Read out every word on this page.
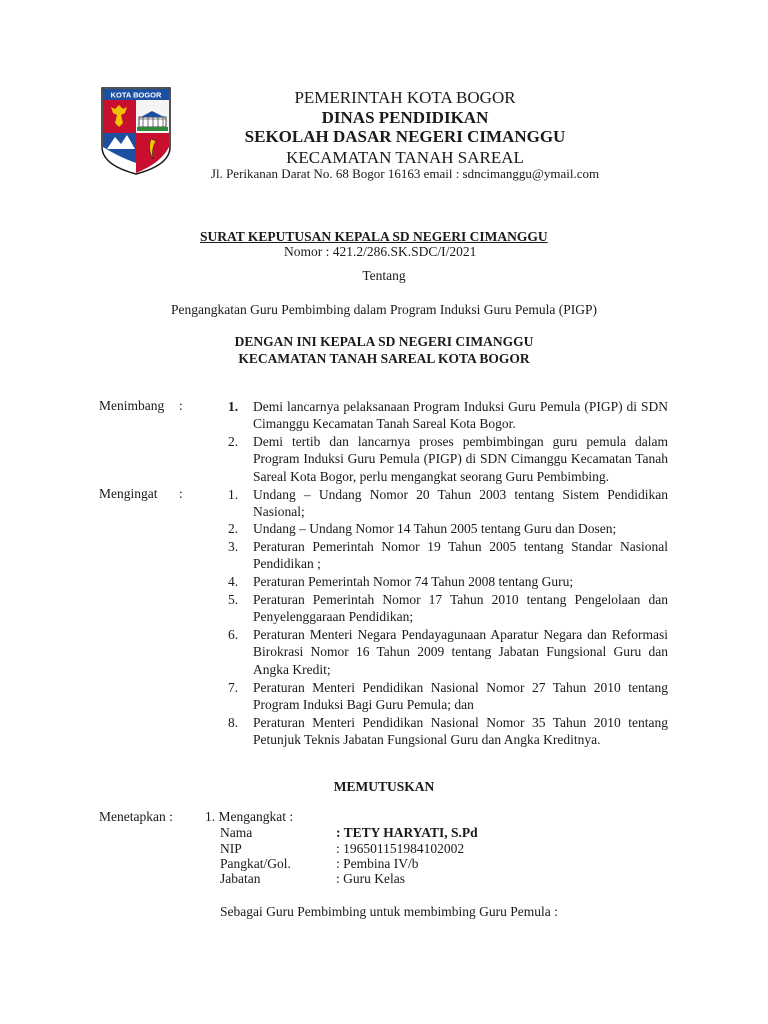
KOTA BOGOR	PEMERINTAH KOTA BOGOR
DINAS PENDIDIKAN
SEKOLAH DASAR NEGERI CIMANGGU
KECAMATAN TANAH SAREAL
Jl. Perikanan Darat No. 68 Bogor 16163 email : sdncimanggu@ymail.com
SURAT KEPUTUSAN KEPALA SD NEGERI CIMANGGU
Nomor : 421.2/286.SK.SDC/I/2021
Tentang
Pengangkatan Guru Pembimbing dalam Program Induksi Guru Pemula (PIGP)
DENGAN INI KEPALA SD NEGERI CIMANGGU
KECAMATAN TANAH SAREAL KOTA BOGOR
Menimbang :	1.	Demi lancarnya pelaksanaan Program Induksi Guru Pemula (PIGP) di SDN Cimanggu Kecamatan Tanah Sareal Kota Bogor.
2.	Demi tertib dan lancarnya proses pembimbingan guru pemula dalam Program Induksi Guru Pemula (PIGP) di SDN Cimanggu Kecamatan Tanah Sareal Kota Bogor, perlu mengangkat seorang Guru Pembimbing.
Mengingat :	1.	Undang – Undang Nomor 20 Tahun 2003 tentang Sistem Pendidikan Nasional;
2.	Undang – Undang Nomor 14 Tahun 2005 tentang Guru dan Dosen;
3.	Peraturan Pemerintah Nomor 19 Tahun 2005 tentang Standar Nasional Pendidikan ;
4.	Peraturan Pemerintah Nomor 74 Tahun 2008 tentang Guru;
5.	Peraturan Pemerintah Nomor 17 Tahun 2010 tentang Pengelolaan dan Penyelenggaraan Pendidikan;
6.	Peraturan Menteri Negara Pendayagunaan Aparatur Negara dan Reformasi Birokrasi Nomor 16 Tahun 2009 tentang Jabatan Fungsional Guru dan Angka Kredit;
7.	Peraturan Menteri Pendidikan Nasional Nomor 27 Tahun 2010 tentang Program Induksi Bagi Guru Pemula; dan
8.	Peraturan Menteri Pendidikan Nasional Nomor 35 Tahun 2010 tentang Petunjuk Teknis Jabatan Fungsional Guru dan Angka Kreditnya.
MEMUTUSKAN
Menetapkan : 1. Mengangkat :
Nama	: TETY HARYATI, S.Pd
NIP	: 196501151984102002
Pangkat/Gol.	: Pembina IV/b
Jabatan	: Guru Kelas
Sebagai Guru Pembimbing untuk membimbing Guru Pemula :
